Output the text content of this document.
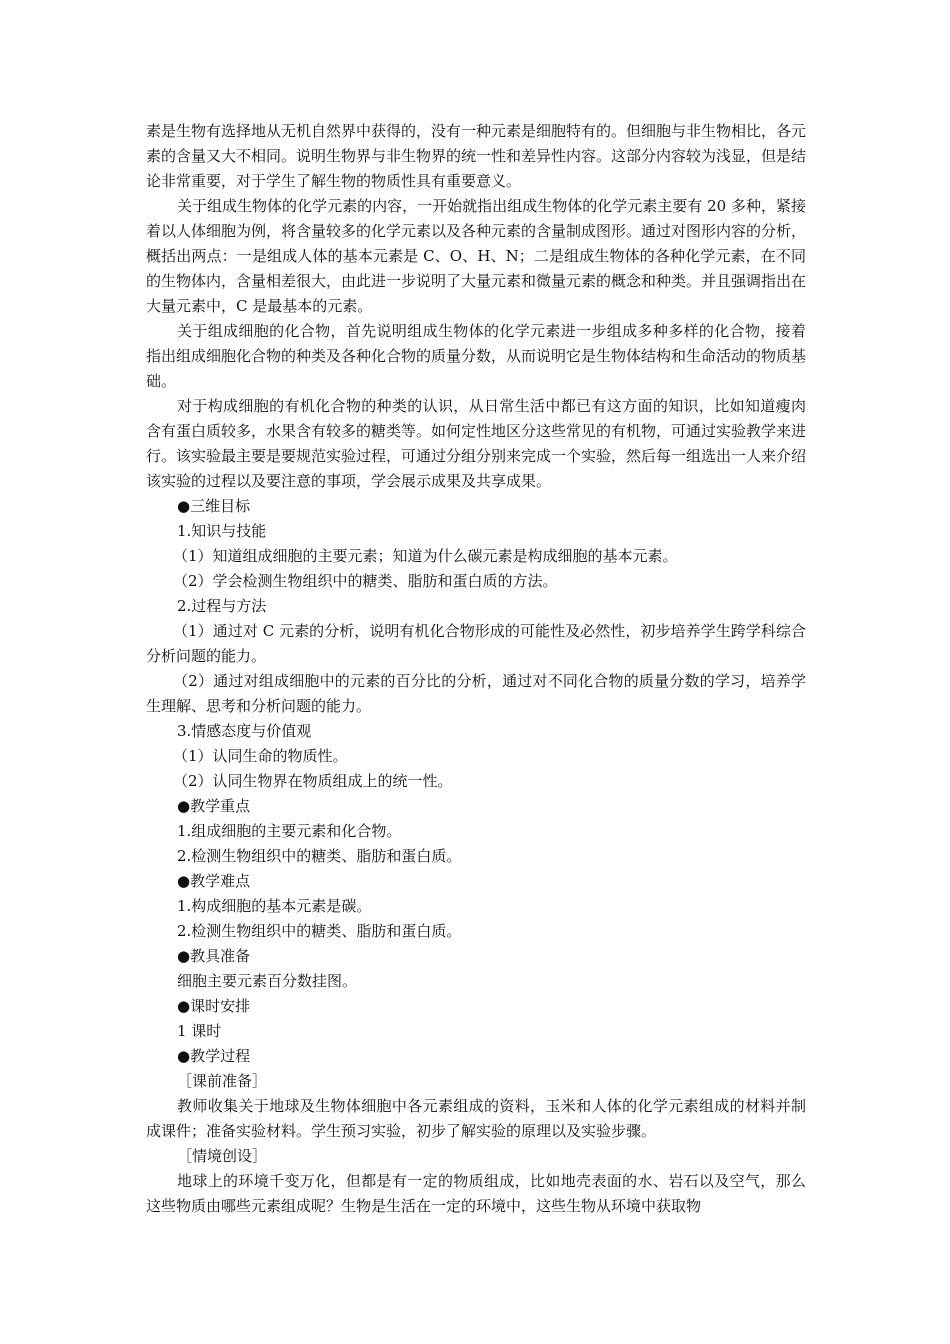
素是生物有选择地从无机自然界中获得的，没有一种元素是细胞特有的。但细胞与非生物相比，各元素的含量又大不相同。说明生物界与非生物界的统一性和差异性内容。这部分内容较为浅显，但是结论非常重要，对于学生了解生物的物质性具有重要意义。

关于组成生物体的化学元素的内容，一开始就指出组成生物体的化学元素主要有 20 多种，紧接着以人体细胞为例，将含量较多的化学元素以及各种元素的含量制成图形。通过对图形内容的分析，概括出两点：一是组成人体的基本元素是 C、O、H、N；二是组成生物体的各种化学元素，在不同的生物体内，含量相差很大，由此进一步说明了大量元素和微量元素的概念和种类。并且强调指出在大量元素中，C 是最基本的元素。

关于组成细胞的化合物，首先说明组成生物体的化学元素进一步组成多种多样的化合物，接着指出组成细胞化合物的种类及各种化合物的质量分数，从而说明它是生物体结构和生命活动的物质基础。

对于构成细胞的有机化合物的种类的认识，从日常生活中都已有这方面的知识，比如知道瘦肉含有蛋白质较多，水果含有较多的糖类等。如何定性地区分这些常见的有机物，可通过实验教学来进行。该实验最主要是要规范实验过程，可通过分组分别来完成一个实验，然后每一组选出一人来介绍该实验的过程以及要注意的事项，学会展示成果及共享成果。

●三维目标

1.知识与技能

（1）知道组成细胞的主要元素；知道为什么碳元素是构成细胞的基本元素。

（2）学会检测生物组织中的糖类、脂肪和蛋白质的方法。

2.过程与方法

（1）通过对 C 元素的分析，说明有机化合物形成的可能性及必然性，初步培养学生跨学科综合分析问题的能力。

（2）通过对组成细胞中的元素的百分比的分析，通过对不同化合物的质量分数的学习，培养学生理解、思考和分析问题的能力。

3.情感态度与价值观

（1）认同生命的物质性。

（2）认同生物界在物质组成上的统一性。

●教学重点

1.组成细胞的主要元素和化合物。

2.检测生物组织中的糖类、脂肪和蛋白质。

●教学难点

1.构成细胞的基本元素是碳。

2.检测生物组织中的糖类、脂肪和蛋白质。

●教具准备

细胞主要元素百分数挂图。

●课时安排

1 课时

●教学过程

［课前准备］

教师收集关于地球及生物体细胞中各元素组成的资料，玉米和人体的化学元素组成的材料并制成课件；准备实验材料。学生预习实验，初步了解实验的原理以及实验步骤。

［情境创设］

地球上的环境千变万化，但都是有一定的物质组成，比如地壳表面的水、岩石以及空气，那么这些物质由哪些元素组成呢？生物是生活在一定的环境中，这些生物从环境中获取物
